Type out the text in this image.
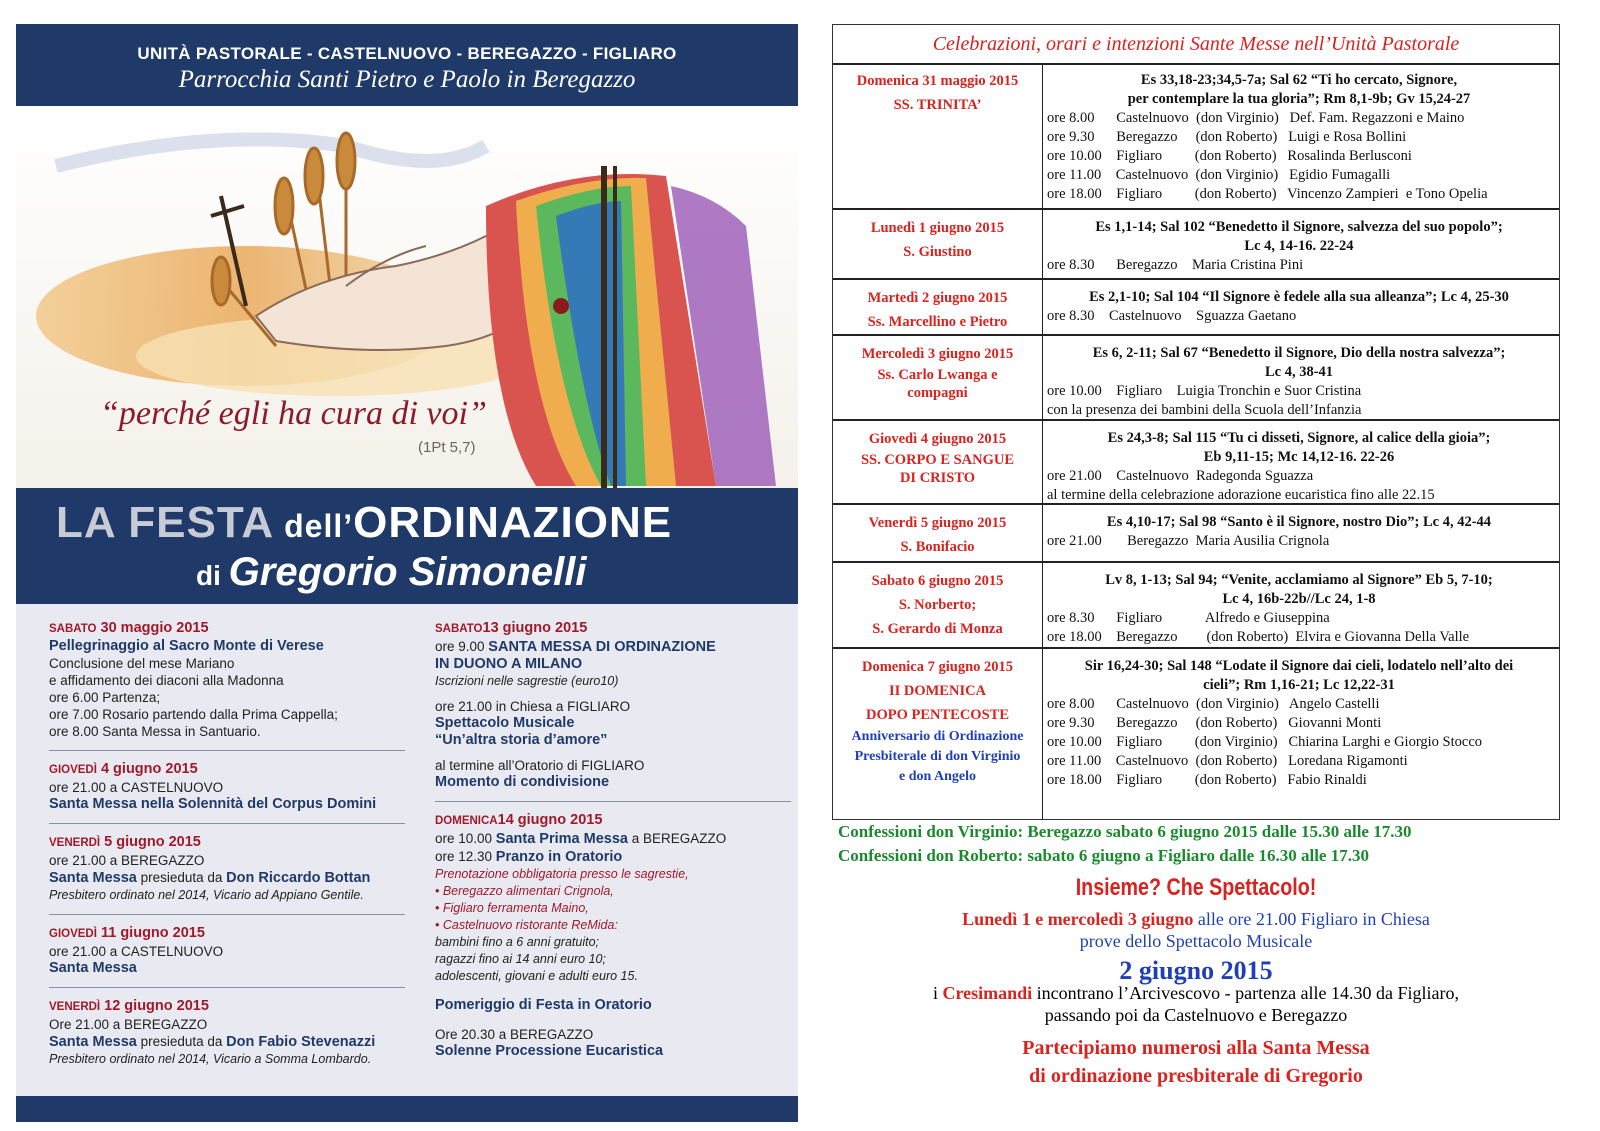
UNITÀ PASTORALE - CASTELNUOVO - BEREGAZZO - FIGLIARO
Parrocchia Santi Pietro e Paolo in Beregazzo
“perché egli ha cura di voi”
(1Pt 5,7)
LA FESTA dell’ORDINAZIONE
di Gregorio Simonelli
SABATO 30 maggio 2015
Pellegrinaggio al Sacro Monte di Verese
Conclusione del mese Mariano
e affidamento dei diaconi alla Madonna
ore 6.00 Partenza;
ore 7.00 Rosario partendo dalla Prima Cappella;
ore 8.00 Santa Messa in Santuario.
GIOVEDÌ 4 giugno 2015
ore 21.00 a CASTELNUOVO
Santa Messa nella Solennità del Corpus Domini
VENERDÌ 5 giugno 2015
ore 21.00 a BEREGAZZO
Santa Messa presieduta da Don Riccardo Bottan
Presbitero ordinato nel 2014, Vicario ad Appiano Gentile.
GIOVEDÌ 11 giugno 2015
ore 21.00 a CASTELNUOVO
Santa Messa
VENERDÌ 12 giugno 2015
Ore 21.00 a BEREGAZZO
Santa Messa presieduta da Don Fabio Stevenazzi
Presbitero ordinato nel 2014, Vicario a Somma Lombardo.
SABATO13 giugno 2015
ore 9.00 SANTA MESSA DI ORDINAZIONE
IN DUONO A MILANO
Iscrizioni nelle sagrestie (euro10)
ore 21.00 in Chiesa a FIGLIARO
Spettacolo Musicale
“Un’altra storia d’amore”
al termine all’Oratorio di FIGLIARO
Momento di condivisione
DOMENICA14 giugno 2015
ore 10.00 Santa Prima Messa a BEREGAZZO
ore 12.30 Pranzo in Oratorio
Prenotazione obbligatoria presso le sagrestie,
• Beregazzo alimentari Crignola,
• Figliaro ferramenta Maino,
• Castelnuovo ristorante ReMida:
bambini fino a 6 anni gratuito;
ragazzi fino ai 14 anni euro 10;
adolescenti, giovani e adulti euro 15.
Pomeriggio di Festa in Oratorio
Ore 20.30 a BEREGAZZO
Solenne Processione Eucaristica
Celebrazioni, orari e intenzioni Sante Messe nell’Unità Pastorale
Domenica 31 maggio 2015
SS. TRINITA’
Es 33,18-23;34,5-7a; Sal 62 “Ti ho cercato, Signore,
per contemplare la tua gloria”; Rm 8,1-9b; Gv 15,24-27
ore 8.00      Castelnuovo  (don Virginio)   Def. Fam. Regazzoni e Maino
ore 9.30      Beregazzo     (don Roberto)   Luigi e Rosa Bollini
ore 10.00    Figliaro         (don Roberto)   Rosalinda Berlusconi
ore 11.00    Castelnuovo  (don Virginio)   Egidio Fumagalli
ore 18.00    Figliaro         (don Roberto)   Vincenzo Zampieri  e Tono Opelia
Lunedì 1 giugno 2015
S. Giustino
Es 1,1-14; Sal 102 “Benedetto il Signore, salvezza del suo popolo”;
Lc 4, 14-16. 22-24
ore 8.30      Beregazzo    Maria Cristina Pini
Martedì 2 giugno 2015
Ss. Marcellino e Pietro
Es 2,1-10; Sal 104 “Il Signore è fedele alla sua alleanza”; Lc 4, 25-30
ore 8.30    Castelnuovo    Sguazza Gaetano
Mercoledì 3 giugno 2015
Ss. Carlo Lwanga e
compagni
Es 6, 2-11; Sal 67 “Benedetto il Signore, Dio della nostra salvezza”;
Lc 4, 38-41
ore 10.00    Figliaro    Luigia Tronchin e Suor Cristina
con la presenza dei bambini della Scuola dell’Infanzia
Giovedì 4 giugno 2015
SS. CORPO E SANGUE
DI CRISTO
Es 24,3-8; Sal 115 “Tu ci disseti, Signore, al calice della gioia”;
Eb 9,11-15; Mc 14,12-16. 22-26
ore 21.00    Castelnuovo  Radegonda Sguazza
al termine della celebrazione adorazione eucaristica fino alle 22.15
Venerdì 5 giugno 2015
S. Bonifacio
Es 4,10-17; Sal 98 “Santo è il Signore, nostro Dio”; Lc 4, 42-44
ore 21.00       Beregazzo  Maria Ausilia Crignola
Sabato 6 giugno 2015
S. Norberto;
S. Gerardo di Monza
Lv 8, 1-13; Sal 94; “Venite, acclamiamo al Signore” Eb 5, 7-10;
Lc 4, 16b-22b//Lc 24, 1-8
ore 8.30      Figliaro            Alfredo e Giuseppina
ore 18.00    Beregazzo        (don Roberto)  Elvira e Giovanna Della Valle
Domenica 7 giugno 2015
II DOMENICA
DOPO PENTECOSTE
Anniversario di Ordinazione
Presbiterale di don Virginio
e don Angelo
Sir 16,24-30; Sal 148 “Lodate il Signore dai cieli, lodatelo nell’alto dei
cieli”; Rm 1,16-21; Lc 12,22-31
ore 8.00      Castelnuovo  (don Virginio)   Angelo Castelli
ore 9.30      Beregazzo     (don Roberto)   Giovanni Monti
ore 10.00    Figliaro         (don Virginio)   Chiarina Larghi e Giorgio Stocco
ore 11.00    Castelnuovo  (don Roberto)   Loredana Rigamonti
ore 18.00    Figliaro         (don Roberto)   Fabio Rinaldi
Confessioni don Virginio: Beregazzo sabato 6 giugno 2015 dalle 15.30 alle 17.30
Confessioni don Roberto: sabato 6 giugno a Figliaro dalle 16.30 alle 17.30
Insieme? Che Spettacolo!
Lunedì 1 e mercoledì 3 giugno alle ore 21.00 Figliaro in Chiesa
prove dello Spettacolo Musicale
2 giugno 2015
i Cresimandi incontrano l’Arcivescovo - partenza alle 14.30 da Figliaro,
passando poi da Castelnuovo e Beregazzo
Partecipiamo numerosi alla Santa Messa
di ordinazione presbiterale di Gregorio
